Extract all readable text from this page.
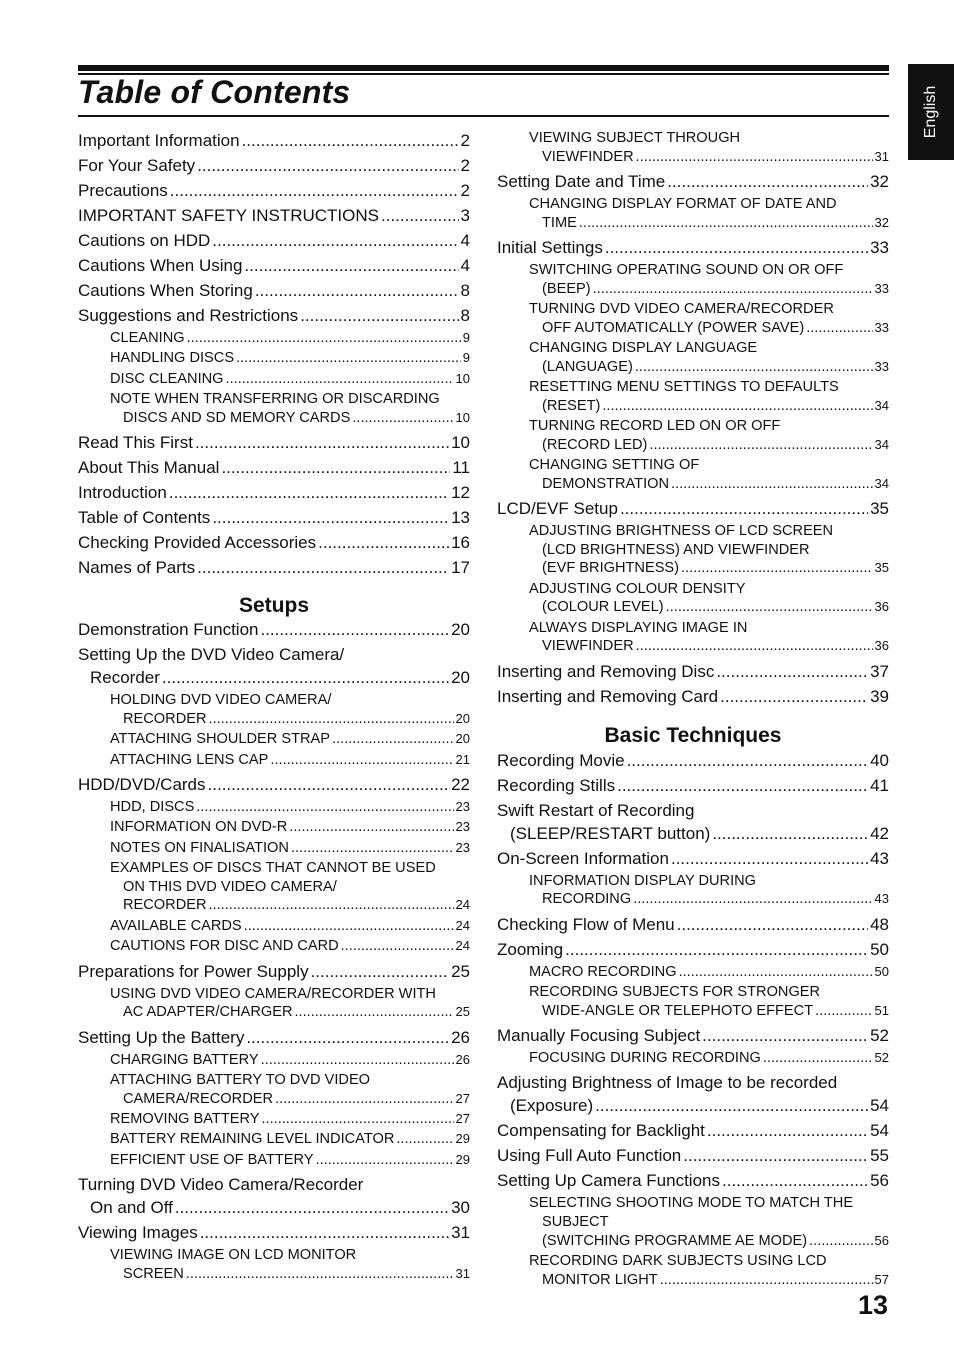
Table of Contents	English
Important Information .....	2
For Your Safety .....	2
Precautions .....	2
IMPORTANT SAFETY INSTRUCTIONS .....	3
Cautions on HDD .....	4
Cautions When Using .....	4
Cautions When Storing .....	8
Suggestions and Restrictions .....	8
CLEANING .....	9
HANDLING DISCS .....	9
DISC CLEANING .....	10
NOTE WHEN TRANSFERRING OR DISCARDING
DISCS AND SD MEMORY CARDS .....	10
Read This First .....	10
About This Manual .....	11
Introduction .....	12
Table of Contents .....	13
Checking Provided Accessories .....	16
Names of Parts .....	17
Setups
Demonstration Function .....	20
Setting Up the DVD Video Camera/
Recorder .....	20
HOLDING DVD VIDEO CAMERA/
RECORDER .....	20
ATTACHING SHOULDER STRAP .....	20
ATTACHING LENS CAP .....	21
HDD/DVD/Cards .....	22
HDD, DISCS .....	23
INFORMATION ON DVD-R .....	23
NOTES ON FINALISATION .....	23
EXAMPLES OF DISCS THAT CANNOT BE USED
ON THIS DVD VIDEO CAMERA/
RECORDER .....	24
AVAILABLE CARDS .....	24
CAUTIONS FOR DISC AND CARD .....	24
Preparations for Power Supply .....	25
USING DVD VIDEO CAMERA/RECORDER WITH
AC ADAPTER/CHARGER .....	25
Setting Up the Battery .....	26
CHARGING BATTERY .....	26
ATTACHING BATTERY TO DVD VIDEO
CAMERA/RECORDER .....	27
REMOVING BATTERY .....	27
BATTERY REMAINING LEVEL INDICATOR .....	29
EFFICIENT USE OF BATTERY .....	29
Turning DVD Video Camera/Recorder
On and Off .....	30
Viewing Images .....	31
VIEWING IMAGE ON LCD MONITOR
SCREEN .....	31
VIEWING SUBJECT THROUGH
VIEWFINDER .....	31
Setting Date and Time .....	32
CHANGING DISPLAY FORMAT OF DATE AND
TIME .....	32
Initial Settings .....	33
SWITCHING OPERATING SOUND ON OR OFF
(BEEP) .....	33
TURNING DVD VIDEO CAMERA/RECORDER
OFF AUTOMATICALLY (POWER SAVE) .....	33
CHANGING DISPLAY LANGUAGE
(LANGUAGE) .....	33
RESETTING MENU SETTINGS TO DEFAULTS
(RESET) .....	34
TURNING RECORD LED ON OR OFF
(RECORD LED) .....	34
CHANGING SETTING OF
DEMONSTRATION .....	34
LCD/EVF Setup .....	35
ADJUSTING BRIGHTNESS OF LCD SCREEN
(LCD BRIGHTNESS) AND VIEWFINDER
(EVF BRIGHTNESS) .....	35
ADJUSTING COLOUR DENSITY
(COLOUR LEVEL) .....	36
ALWAYS DISPLAYING IMAGE IN
VIEWFINDER .....	36
Inserting and Removing Disc .....	37
Inserting and Removing Card .....	39
Basic Techniques
Recording Movie .....	40
Recording Stills .....	41
Swift Restart of Recording
(SLEEP/RESTART button) .....	42
On-Screen Information .....	43
INFORMATION DISPLAY DURING
RECORDING .....	43
Checking Flow of Menu .....	48
Zooming .....	50
MACRO RECORDING .....	50
RECORDING SUBJECTS FOR STRONGER
WIDE-ANGLE OR TELEPHOTO EFFECT .....	51
Manually Focusing Subject .....	52
FOCUSING DURING RECORDING .....	52
Adjusting Brightness of Image to be recorded
(Exposure) .....	54
Compensating for Backlight .....	54
Using Full Auto Function .....	55
Setting Up Camera Functions .....	56
SELECTING SHOOTING MODE TO MATCH THE
SUBJECT
(SWITCHING PROGRAMME AE MODE) .....	56
RECORDING DARK SUBJECTS USING LCD
MONITOR LIGHT .....	57
13
